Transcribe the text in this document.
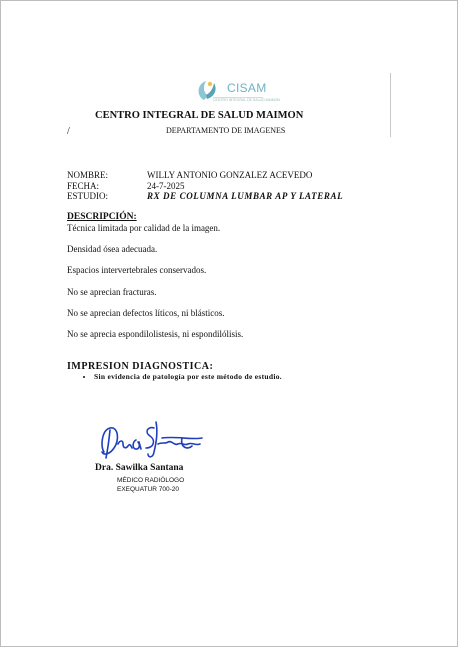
CISAM
CENTRO INTEGRAL DE SALUD MAIMON
CENTRO INTEGRAL DE SALUD MAIMON
/	DEPARTAMENTO DE IMAGENES
NOMBRE:	WILLY ANTONIO GONZALEZ ACEVEDO
FECHA:	24-7-2025
ESTUDIO:	RX DE COLUMNA LUMBAR AP Y LATERAL
DESCRIPCIÓN:
Técnica limitada por calidad de la imagen.
Densidad ósea adecuada.
Espacios intervertebrales conservados.
No se aprecian fracturas.
No se aprecian defectos líticos, ni blásticos.
No se aprecia espondilolistesis, ni espondilólisis.
IMPRESION DIAGNOSTICA:
• Sin evidencia de patología por este método de estudio.
Dra. Sawilka Santana
MÉDICO RADIÓLOGO
EXEQUATUR 700-20
